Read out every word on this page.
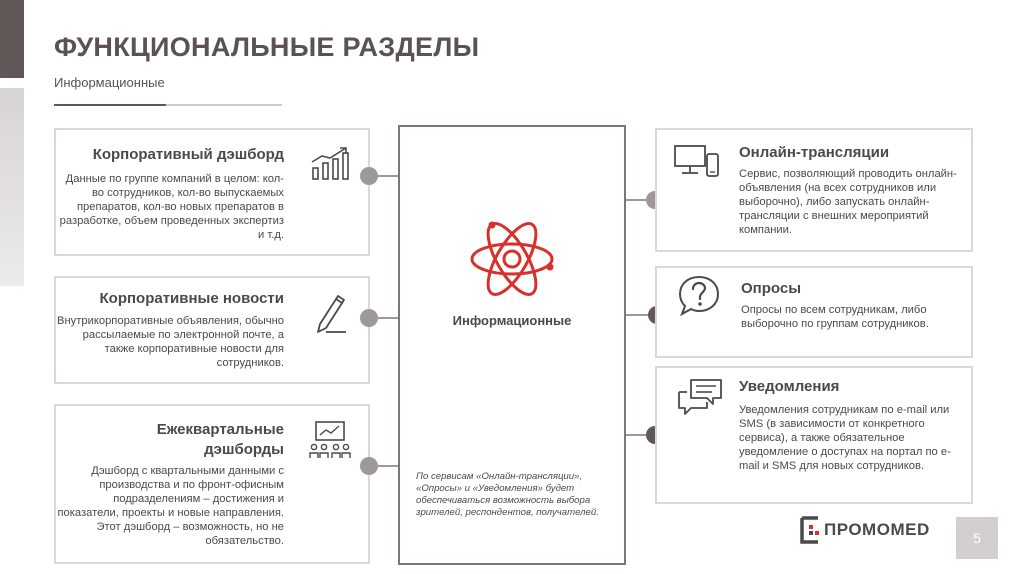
ФУНКЦИОНАЛЬНЫЕ РАЗДЕЛЫ
Информационные
Корпоративный дэшборд
Данные по группе компаний в целом: кол-во сотрудников, кол-во выпускаемых препаратов, кол-во новых препаратов в разработке, объем проведенных экспертиз и т.д.
Корпоративные новости
Внутрикорпоративные объявления, обычно рассылаемые по электронной почте, а также корпоративные новости для сотрудников.
Ежеквартальные дэшборды
Дэшборд с квартальными данными с производства и по фронт-офисным подразделениям – достижения и показатели, проекты и новые направления. Этот дэшборд – возможность, но не обязательство.
Информационные
По сервисам «Онлайн-трансляции», «Опросы» и «Уведомления» будет обеспечиваться возможность выбора зрителей, респондентов, получателей.
Онлайн-трансляции
Сервис, позволяющий проводить онлайн-объявления (на всех сотрудников или выборочно), либо запускать онлайн-трансляции с внешних мероприятий компании.
Опросы
Опросы по всем сотрудникам, либо выборочно по группам сотрудников.
Уведомления
Уведомления сотрудникам по e-mail или SMS (в зависимости от конкретного сервиса), а также обязательное уведомление о доступах на портал по e-mail и SMS для новых сотрудников.
ПРОМОМЕD	5
